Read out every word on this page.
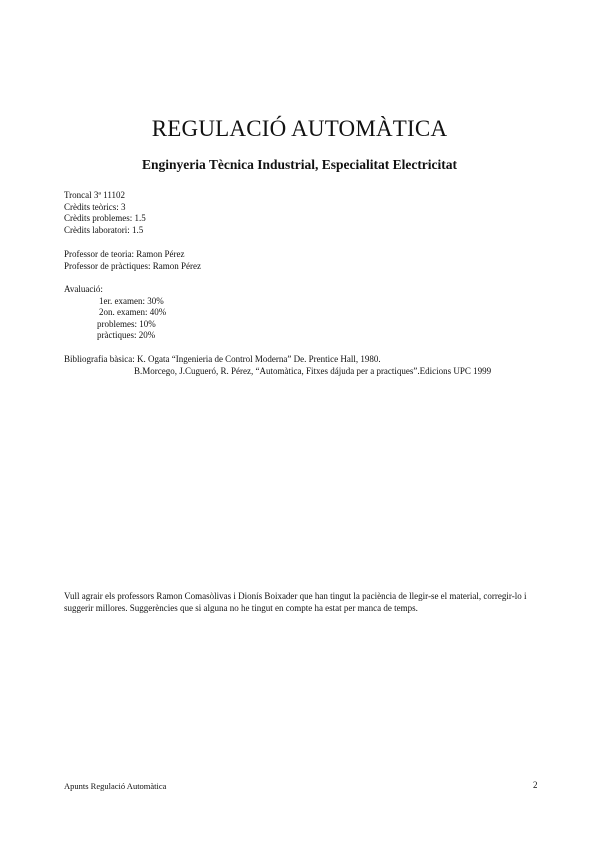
REGULACIÓ AUTOMÀTICA
Enginyeria Tècnica Industrial, Especialitat Electricitat
Troncal 3ª 11102
Crèdits teòrics: 3
Crèdits problemes: 1.5
Crèdits laboratori: 1.5
Professor de teoria: Ramon Pérez
Professor de pràctiques: Ramon Pérez
Avaluació:
1er. examen: 30%
2on. examen: 40%
problemes: 10%
pràctiques: 20%
Bibliografia bàsica: K. Ogata “Ingenieria de Control Moderna” De. Prentice Hall, 1980.
B.Morcego, J.Cugueró, R. Pérez, “Automàtica, Fitxes dájuda per a practiques”.Edicions UPC 1999

Vull agrair els professors Ramon Comasòlivas i Dionís Boixader que han tingut la paciència de llegir-se el material, corregir-lo i suggerir millores. Suggerències que si alguna no he tingut en compte ha estat per manca de temps.

Apunts Regulació Automàtica	2
